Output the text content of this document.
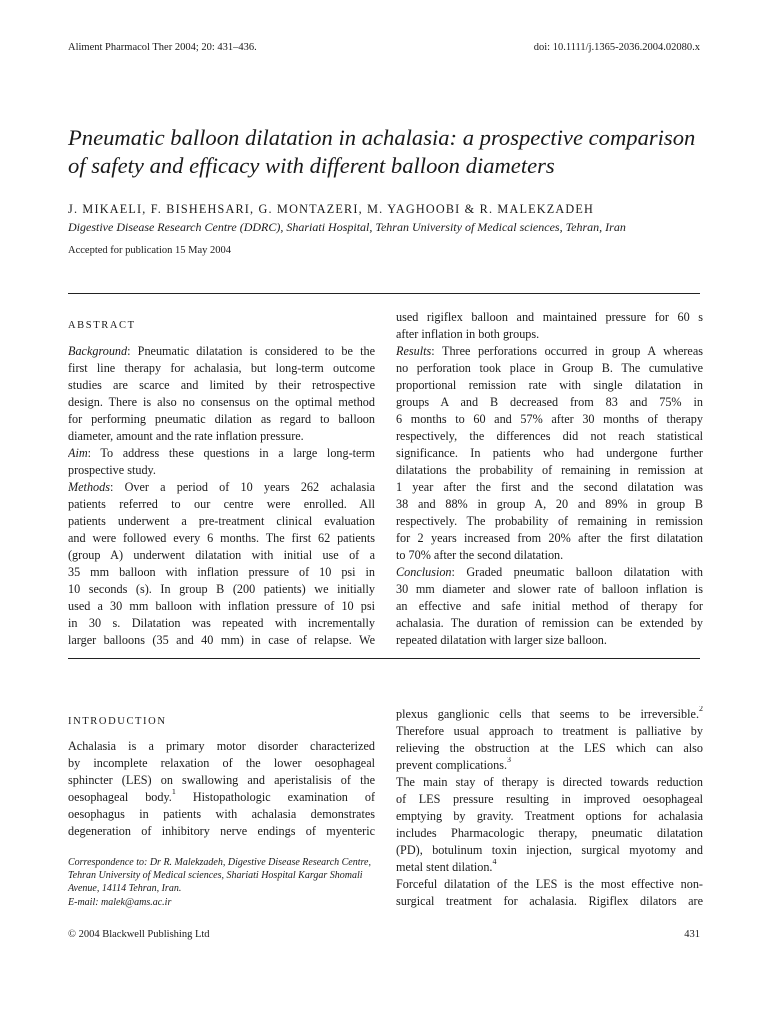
Aliment Pharmacol Ther 2004; 20: 431–436.	doi: 10.1111/j.1365-2036.2004.02080.x
Pneumatic balloon dilatation in achalasia: a prospective comparison
of safety and efficacy with different balloon diameters
J. MIKAELI, F. BISHEHSARI, G. MONTAZERI, M. YAGHOOBI & R. MALEKZADEH
Digestive Disease Research Centre (DDRC), Shariati Hospital, Tehran University of Medical sciences, Tehran, Iran
Accepted for publication 15 May 2004
ABSTRACT
Background: Pneumatic dilatation is considered to be the
first line therapy for achalasia, but long-term outcome
studies are scarce and limited by their retrospective
design. There is also no consensus on the optimal method
for performing pneumatic dilation as regard to balloon
diameter, amount and the rate inflation pressure.
Aim: To address these questions in a large long-term
prospective study.
Methods: Over a period of 10 years 262 achalasia
patients referred to our centre were enrolled. All
patients underwent a pre-treatment clinical evaluation
and were followed every 6 months. The first 62 patients
(group A) underwent dilatation with initial use of a
35 mm balloon with inflation pressure of 10 psi in
10 seconds (s). In group B (200 patients) we initially
used a 30 mm balloon with inflation pressure of 10 psi
in 30 s. Dilatation was repeated with incrementally
larger balloons (35 and 40 mm) in case of relapse. We
used rigiflex balloon and maintained pressure for 60 s
after inflation in both groups.
Results: Three perforations occurred in group A whereas
no perforation took place in Group B. The cumulative
proportional remission rate with single dilatation in
groups A and B decreased from 83 and 75% in
6 months to 60 and 57% after 30 months of therapy
respectively, the differences did not reach statistical
significance. In patients who had undergone further
dilatations the probability of remaining in remission at
1 year after the first and the second dilatation was
38 and 88% in group A, 20 and 89% in group B
respectively. The probability of remaining in remission
for 2 years increased from 20% after the first dilatation
to 70% after the second dilatation.
Conclusion: Graded pneumatic balloon dilatation with
30 mm diameter and slower rate of balloon inflation is
an effective and safe initial method of therapy for
achalasia. The duration of remission can be extended by
repeated dilatation with larger size balloon.
INTRODUCTION
Achalasia is a primary motor disorder characterized
by incomplete relaxation of the lower oesophageal
sphincter (LES) on swallowing and aperistalisis of the
oesophageal body.$^1$ Histopathologic examination of
oesophagus in patients with achalasia demonstrates
degeneration of inhibitory nerve endings of myenteric
plexus ganglionic cells that seems to be irreversible.$^2$
Therefore usual approach to treatment is palliative by
relieving the obstruction at the LES which can also
prevent complications.$^3$
The main stay of therapy is directed towards reduction
of LES pressure resulting in improved oesophageal
emptying by gravity. Treatment options for achalasia
includes Pharmacologic therapy, pneumatic dilatation
(PD), botulinum toxin injection, surgical myotomy and
metal stent dilation.$^4$
Forceful dilatation of the LES is the most effective non-
surgical treatment for achalasia. Rigiflex dilators are
Correspondence to: Dr R. Malekzadeh, Digestive Disease Research Centre,
Tehran University of Medical sciences, Shariati Hospital Kargar Shomali
Avenue, 14114 Tehran, Iran.
E-mail: malek@ams.ac.ir
© 2004 Blackwell Publishing Ltd	431
